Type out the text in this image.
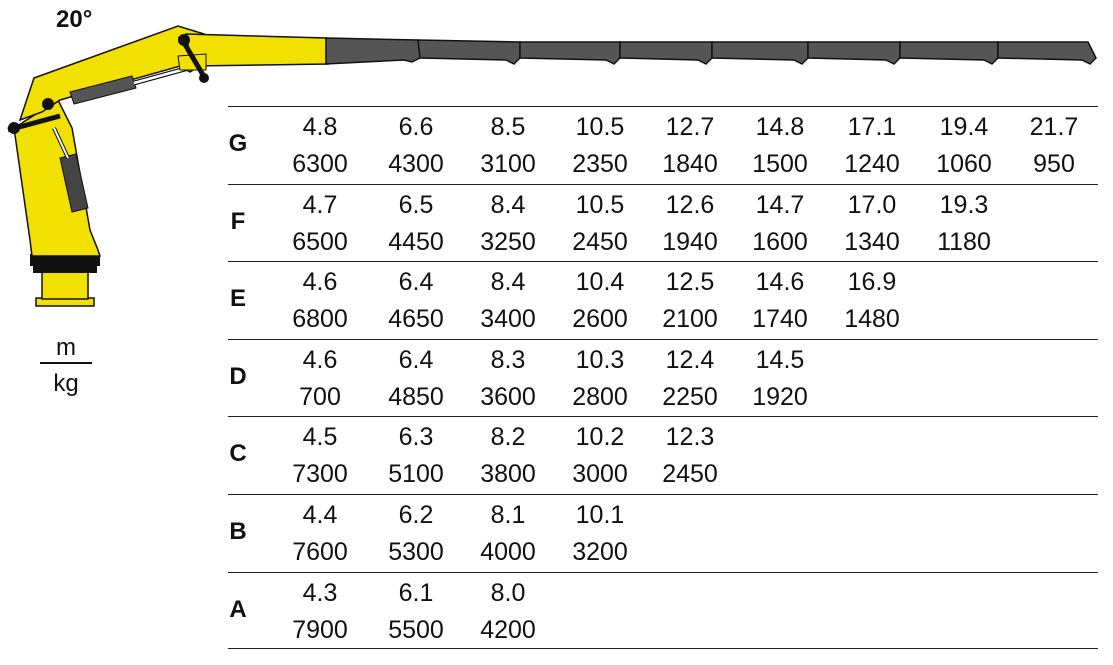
20°
m
kg
G
4.8
6300
6.6
4300
8.5
3100
10.5
2350
12.7
1840
14.8
1500
17.1
1240
19.4
1060
21.7
950
F
4.7
6500
6.5
4450
8.4
3250
10.5
2450
12.6
1940
14.7
1600
17.0
1340
19.3
1180
E
4.6
6800
6.4
4650
8.4
3400
10.4
2600
12.5
2100
14.6
1740
16.9
1480
D
4.6
700
6.4
4850
8.3
3600
10.3
2800
12.4
2250
14.5
1920
C
4.5
7300
6.3
5100
8.2
3800
10.2
3000
12.3
2450
B
4.4
7600
6.2
5300
8.1
4000
10.1
3200
A
4.3
7900
6.1
5500
8.0
4200
